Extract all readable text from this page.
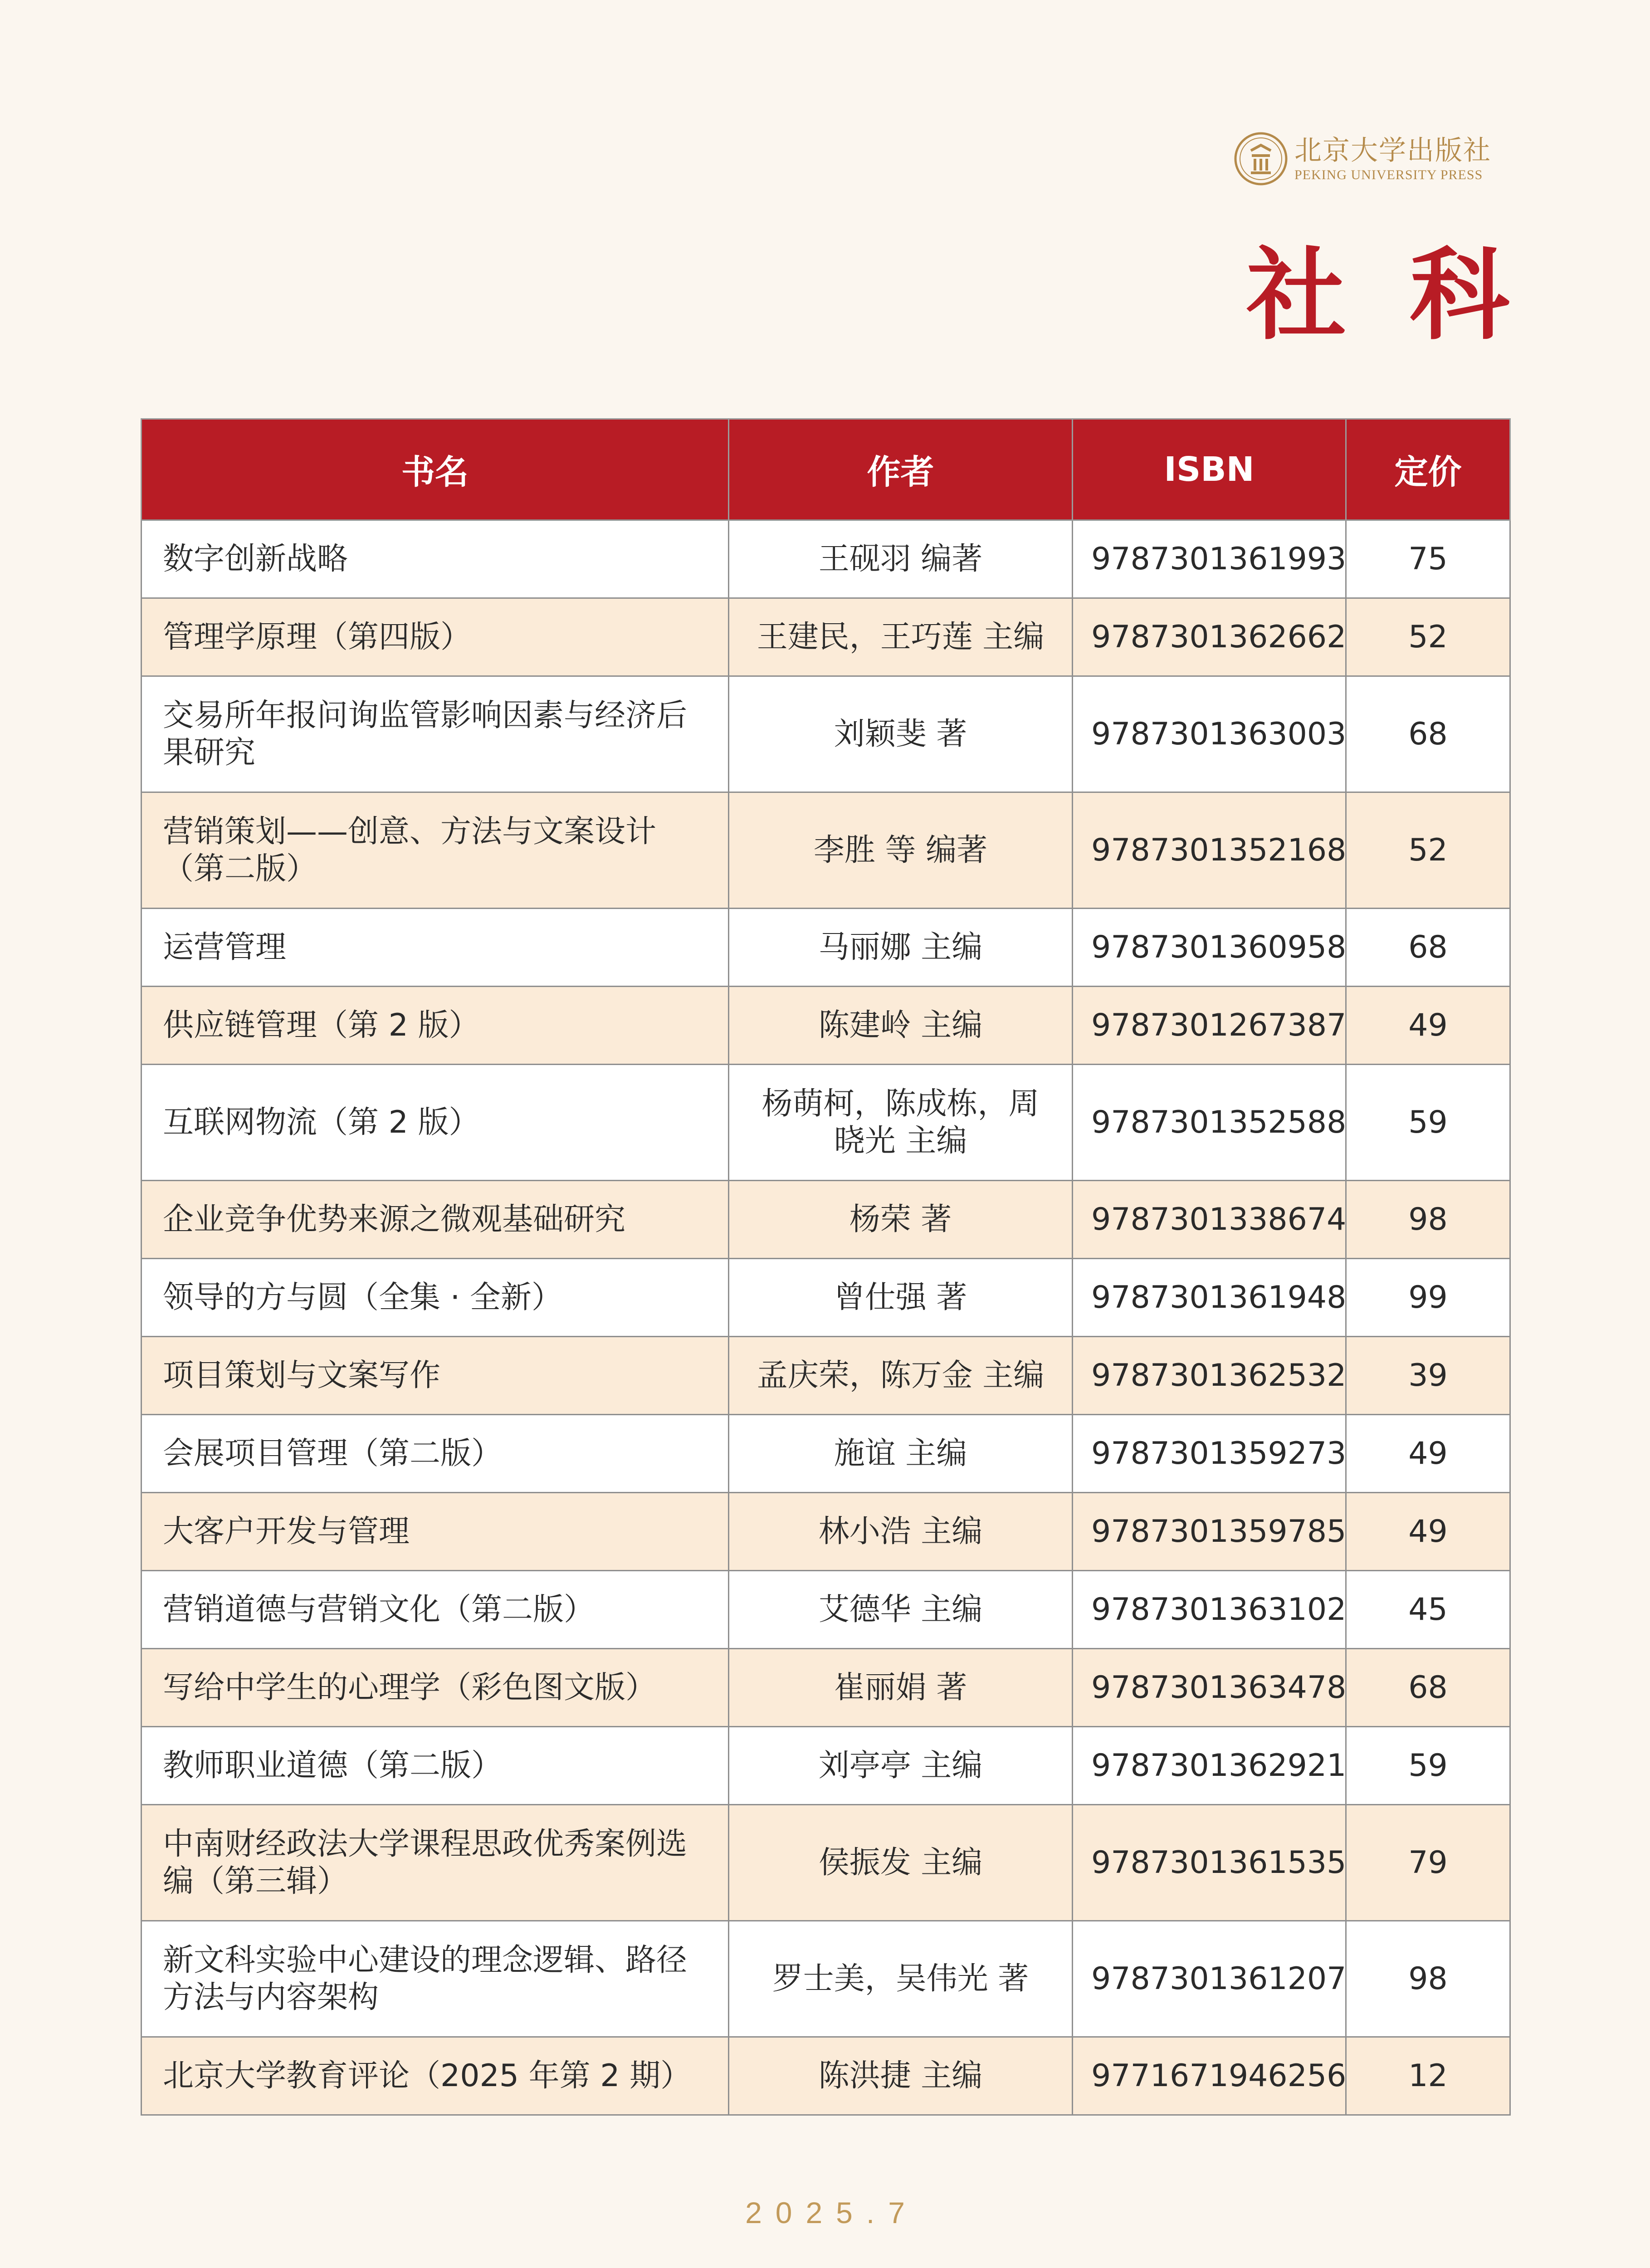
北京大学出版社
PEKING UNIVERSITY PRESS
社科
书名	作者	ISBN	定价
数字创新战略	王砚羽 编著	9787301361993	75
管理学原理（第四版）	王建民，王巧莲 主编	9787301362662	52
交易所年报问询监管影响因素与经济后果研究	刘颖斐 著	9787301363003	68
营销策划——创意、方法与文案设计（第二版）	李胜 等 编著	9787301352168	52
运营管理	马丽娜 主编	9787301360958	68
供应链管理（第 2 版）	陈建岭 主编	9787301267387	49
互联网物流（第 2 版）	杨萌柯，陈成栋，周晓光 主编	9787301352588	59
企业竞争优势来源之微观基础研究	杨荣 著	9787301338674	98
领导的方与圆（全集 · 全新）	曾仕强 著	9787301361948	99
项目策划与文案写作	孟庆荣，陈万金 主编	9787301362532	39
会展项目管理（第二版）	施谊 主编	9787301359273	49
大客户开发与管理	林小浩 主编	9787301359785	49
营销道德与营销文化（第二版）	艾德华 主编	9787301363102	45
写给中学生的心理学（彩色图文版）	崔丽娟 著	9787301363478	68
教师职业道德（第二版）	刘亭亭 主编	9787301362921	59
中南财经政法大学课程思政优秀案例选编（第三辑）	侯振发 主编	9787301361535	79
新文科实验中心建设的理念逻辑、路径方法与内容架构	罗士美，吴伟光 著	9787301361207	98
北京大学教育评论（2025 年第 2 期）	陈洪捷 主编	9771671946256	12
2025.7
